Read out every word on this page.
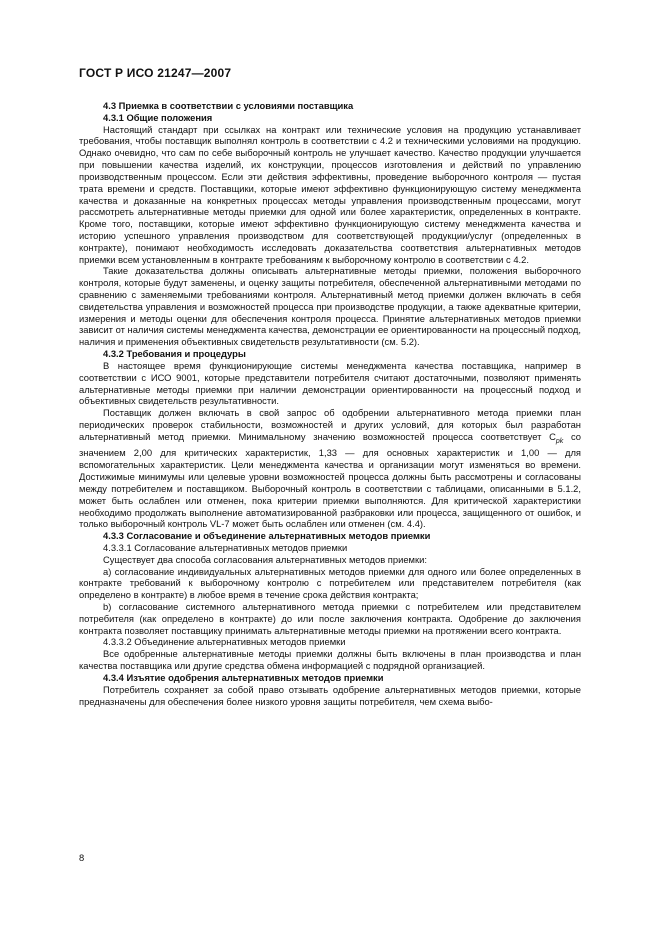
ГОСТ Р ИСО 21247—2007

4.3 Приемка в соответствии с условиями поставщика

4.3.1 Общие положения

Настоящий стандарт при ссылках на контракт или технические условия на продукцию устанавливает требования, чтобы поставщик выполнял контроль в соответствии с 4.2 и техническими условиями на продукцию. Однако очевидно, что сам по себе выборочный контроль не улучшает качество. Качество продукции улучшается при повышении качества изделий, их конструкции, процессов изготовления и действий по управлению производственным процессом. Если эти действия эффективны, проведение выборочного контроля — пустая трата времени и средств. Поставщики, которые имеют эффективно функционирующую систему менеджмента качества и доказанные на конкретных процессах методы управления производственным процессами, могут рассмотреть альтернативные методы приемки для одной или более характеристик, определенных в контракте. Кроме того, поставщики, которые имеют эффективно функционирующую систему менеджмента качества и историю успешного управления производством для соответствующей продукции/услуг (определенных в контракте), понимают необходимость исследовать доказательства соответствия альтернативных методов приемки всем установленным в контракте требованиям к выборочному контролю в соответствии с 4.2.

Такие доказательства должны описывать альтернативные методы приемки, положения выборочного контроля, которые будут заменены, и оценку защиты потребителя, обеспеченной альтернативными методами по сравнению с заменяемыми требованиями контроля. Альтернативный метод приемки должен включать в себя свидетельства управления и возможностей процесса при производстве продукции, а также адекватные критерии, измерения и методы оценки для обеспечения контроля процесса. Принятие альтернативных методов приемки зависит от наличия системы менеджмента качества, демонстрации ее ориентированности на процессный подход, наличия и применения объективных свидетельств результативности (см. 5.2).

4.3.2 Требования и процедуры

В настоящее время функционирующие системы менеджмента качества поставщика, например в соответствии с ИСО 9001, которые представители потребителя считают достаточными, позволяют применять альтернативные методы приемки при наличии демонстрации ориентированности на процессный подход и объективных свидетельств результативности.

Поставщик должен включать в свой запрос об одобрении альтернативного метода приемки план периодических проверок стабильности, возможностей и других условий, для которых был разработан альтернативный метод приемки. Минимальному значению возможностей процесса соответствует $C_{pk}$ со значением 2,00 для критических характеристик, 1,33 — для основных характеристик и 1,00 — для вспомогательных характеристик. Цели менеджмента качества и организации могут изменяться во времени. Достижимые минимумы или целевые уровни возможностей процесса должны быть рассмотрены и согласованы между потребителем и поставщиком. Выборочный контроль в соответствии с таблицами, описанными в 5.1.2, может быть ослаблен или отменен, пока критерии приемки выполняются. Для критической характеристики необходимо продолжать выполнение автоматизированной разбраковки или процесса, защищенного от ошибок, и только выборочный контроль VL-7 может быть ослаблен или отменен (см. 4.4).

4.3.3 Согласование и объединение альтернативных методов приемки

4.3.3.1 Согласование альтернативных методов приемки

Существует два способа согласования альтернативных методов приемки:

а) согласование индивидуальных альтернативных методов приемки для одного или более определенных в контракте требований к выборочному контролю с потребителем или представителем потребителя (как определено в контракте) в любое время в течение срока действия контракта;

b) согласование системного альтернативного метода приемки с потребителем или представителем потребителя (как определено в контракте) до или после заключения контракта. Одобрение до заключения контракта позволяет поставщику принимать альтернативные методы приемки на протяжении всего контракта.

4.3.3.2 Объединение альтернативных методов приемки

Все одобренные альтернативные методы приемки должны быть включены в план производства и план качества поставщика или другие средства обмена информацией с подрядной организацией.

4.3.4 Изъятие одобрения альтернативных методов приемки

Потребитель сохраняет за собой право отзывать одобрение альтернативных методов приемки, которые предназначены для обеспечения более низкого уровня защиты потребителя, чем схема выбо-

8
